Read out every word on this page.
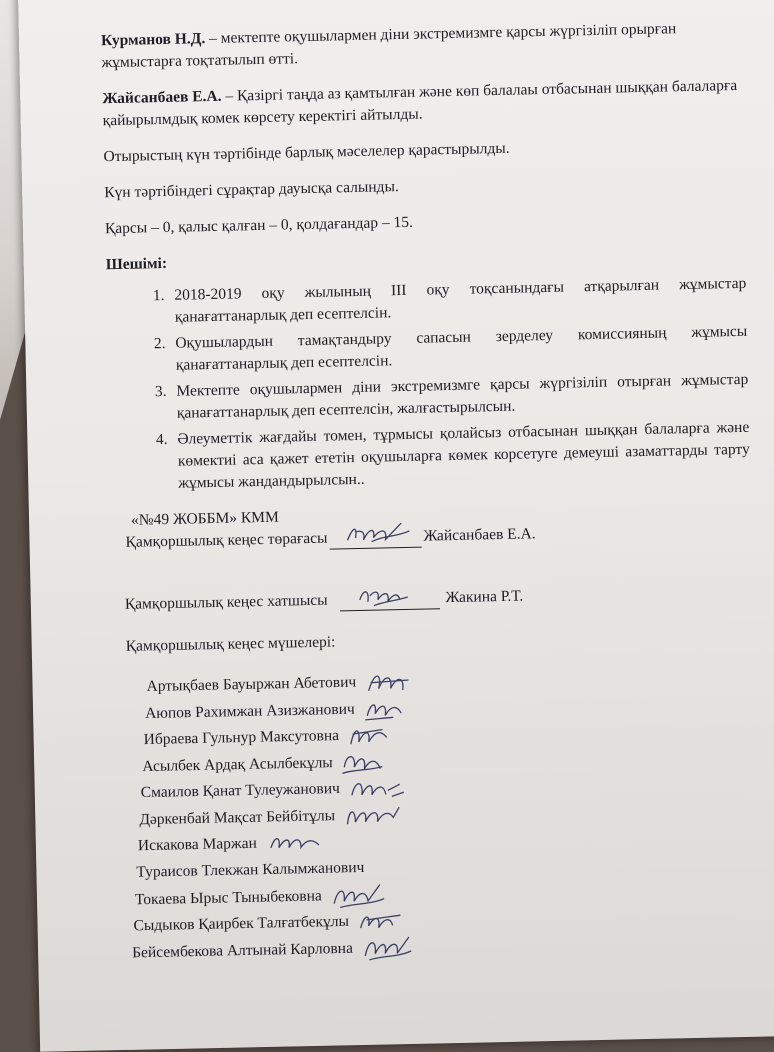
Курманов Н.Д. – мектепте оқушылармен діни экстремизмге қарсы жүргізіліп орырған жұмыстарға тоқтатылып өтті.

Жайсанбаев Е.А. – Қазіргі таңда аз қамтылған және көп балалаы отбасынан шыққан балаларға қайырылмдық комек көрсету керектігі айтылды.

Отырыстың күн тәртібінде барлық мәселелер қарастырылды.

Күн тәртібіндегі сұрақтар дауысқа салынды.

Қарсы – 0, қалыс қалған – 0, қолдағандар – 15.

Шешімі:

1. 2018-2019 оқу жылының ІІІ оқу тоқсанындағы атқарылған жұмыстар қанағаттанарлық деп есептелсін.
2. Оқушылардын тамақтандыру сапасын зерделеу комиссияның жұмысы қанағаттанарлық деп есептелсін.
3. Мектепте оқушылармен діни экстремизмге қарсы жүргізіліп отырған жұмыстар қанағаттанарлық деп есептелсін, жалғастырылсын.
4. Әлеуметтік жағдайы томен, тұрмысы қолайсыз отбасынан шыққан балаларға және көмектиі аса қажет ететін оқушыларға көмек корсетуге демеуші азаматтарды тарту жұмысы жандандырылсын..
«№49 ЖОББМ» КММ
Қамқоршылық кеңес төрағасы	Жайсанбаев Е.А.
Қамқоршылық кеңес хатшысы	Жакина Р.Т.
Қамқоршылық кеңес мүшелері:
Артықбаев Бауыржан Абетович
Аюпов Рахимжан Азизжанович
Ибраева Гульнур Максутовна
Асылбек Ардақ Асылбекұлы
Смаилов Қанат Тулеужанович
Дәркенбай Мақсат Бейбітұлы
Искакова Маржан
Тураисов Тлекжан Калымжанович
Токаева Ырыс Тыныбековна
Сыдыков Қаирбек Талғатбекұлы
Бейсембекова Алтынай Карловна
